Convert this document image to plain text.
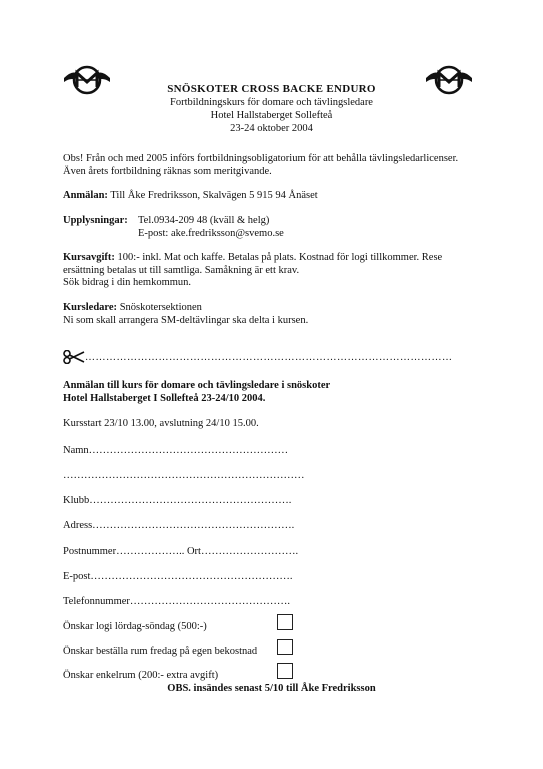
SNÖSKOTER CROSS BACKE ENDURO
Fortbildningskurs för domare och tävlingsledare
Hotel Hallstaberget Sollefteå
23-24 oktober 2004
Obs! Från och med 2005 införs fortbildningsobligatorium för att behålla tävlingsledarlicenser.
Även årets fortbildning räknas som meritgivande.
Anmälan: Till Åke Fredriksson, Skalvägen 5 915 94 Ånäset
Upplysningar: Tel.0934-209 48 (kväll & helg)
E-post: ake.fredriksson@svemo.se
Kursavgift: 100:- inkl. Mat och kaffe. Betalas på plats. Kostnad för logi tillkommer. Rese
ersättning betalas ut till samtliga. Samåkning är ett krav.
Sök bidrag i din hemkommun.
Kursledare: Snöskotersektionen
Ni som skall arrangera SM-deltävlingar ska delta i kursen.
……………………………………………………………………………………………
Anmälan till kurs för domare och tävlingsledare i snöskoter
Hotel Hallstaberget I Sollefteå 23-24/10 2004.
Kursstart 23/10 13.00, avslutning 24/10 15.00.
Namn…………………………………………………
……………………………………………………………
Klubb………………………………………………….
Adress………………………………………………….
Postnummer……………….. Ort……………………….
E-post………………………………………………….
Telefonnummer……………………………………….
Önskar logi lördag-söndag (500:-)
Önskar beställa rum fredag på egen bekostnad
Önskar enkelrum (200:- extra avgift)
OBS. insändes senast 5/10 till Åke Fredriksson
